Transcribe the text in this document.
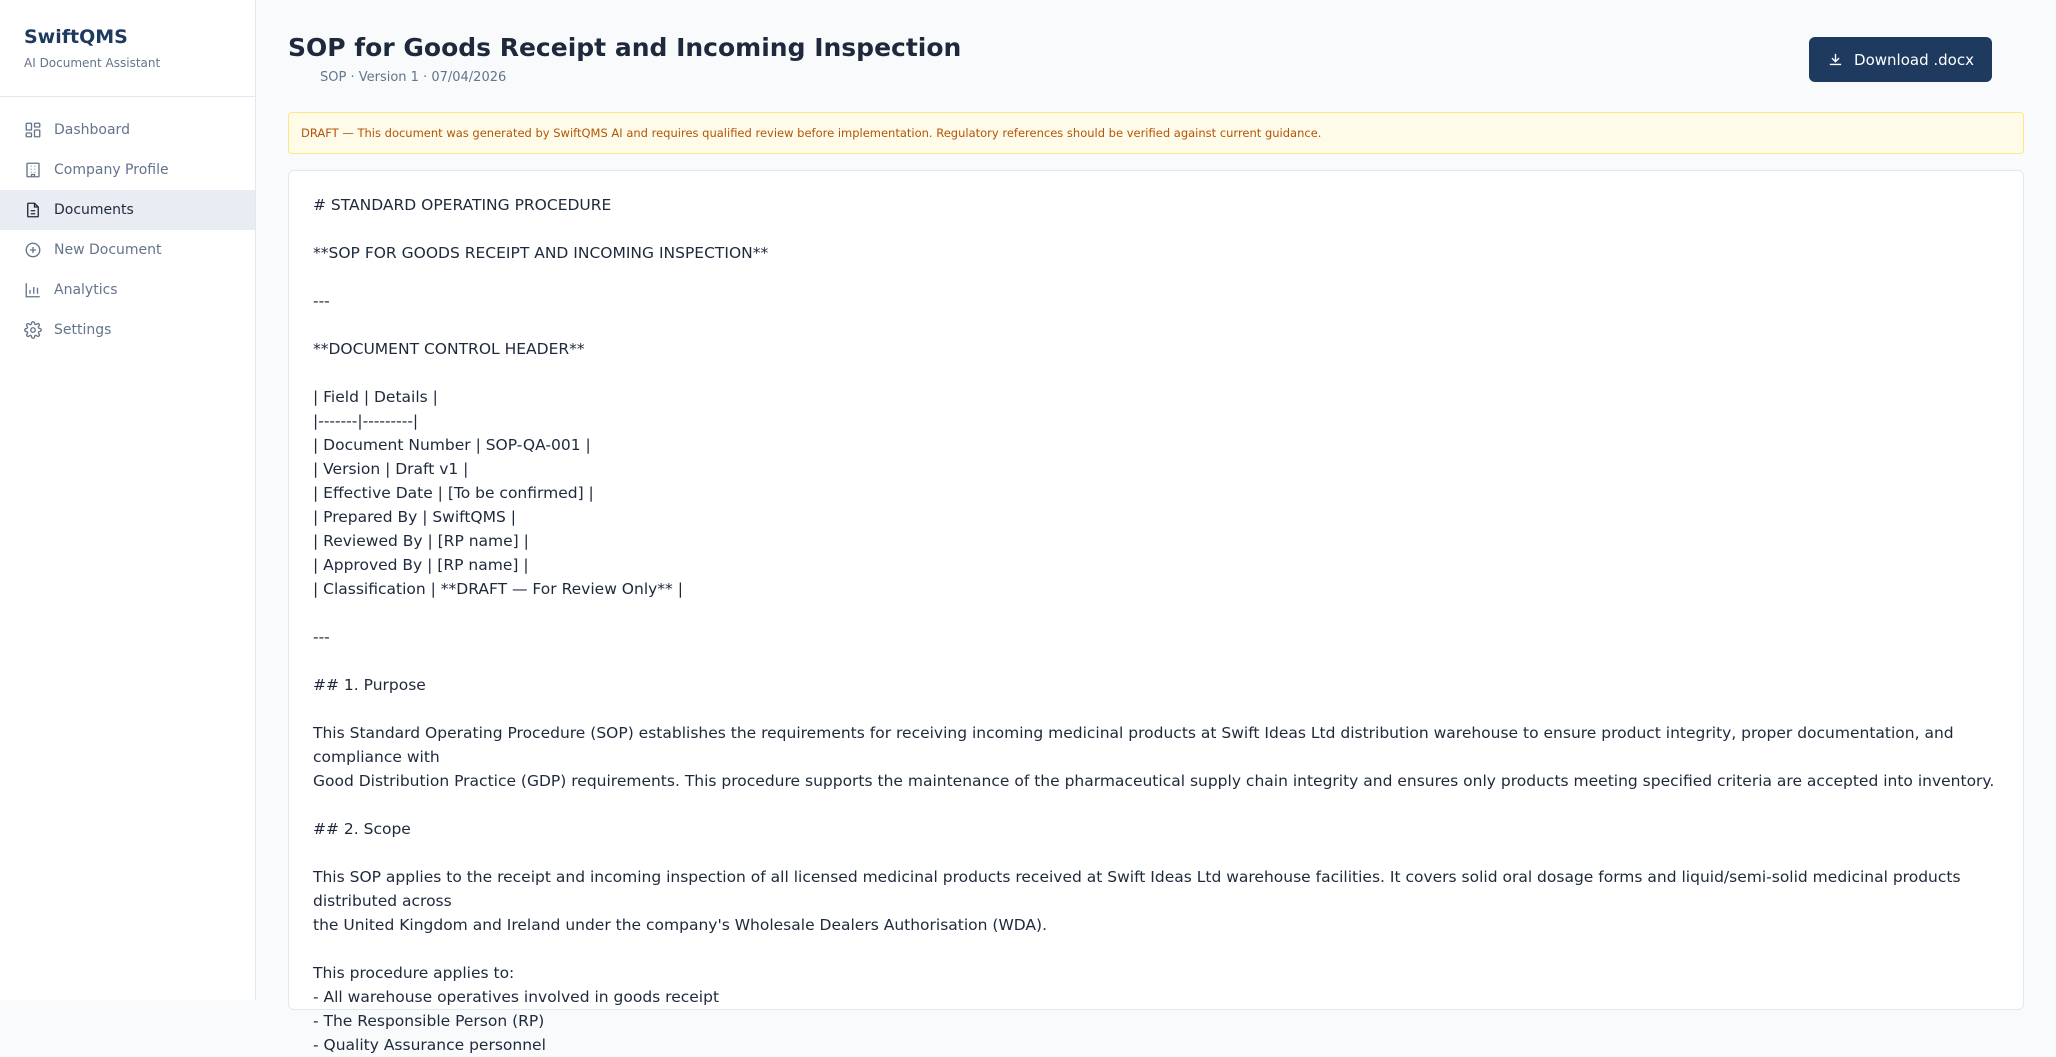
SwiftQMS
AI Document Assistant
Dashboard
Company Profile
Documents
New Document
Analytics
Settings
SOP for Goods Receipt and Incoming Inspection
SOP · Version 1 · 07/04/2026
Download .docx
DRAFT — This document was generated by SwiftQMS AI and requires qualified review before implementation. Regulatory references should be verified against current guidance.
# STANDARD OPERATING PROCEDURE
**SOP FOR GOODS RECEIPT AND INCOMING INSPECTION**
---
**DOCUMENT CONTROL HEADER**
| Field | Details |
|-------|---------|
| Document Number | SOP-QA-001 |
| Version | Draft v1 |
| Effective Date | [To be confirmed] |
| Prepared By | SwiftQMS |
| Reviewed By | [RP name] |
| Approved By | [RP name] |
| Classification | **DRAFT — For Review Only** |
---
## 1. Purpose
This Standard Operating Procedure (SOP) establishes the requirements for receiving incoming medicinal products at Swift Ideas Ltd distribution warehouse to ensure product integrity, proper documentation, and compliance with
Good Distribution Practice (GDP) requirements. This procedure supports the maintenance of the pharmaceutical supply chain integrity and ensures only products meeting specified criteria are accepted into inventory.
## 2. Scope
This SOP applies to the receipt and incoming inspection of all licensed medicinal products received at Swift Ideas Ltd warehouse facilities. It covers solid oral dosage forms and liquid/semi-solid medicinal products distributed across
the United Kingdom and Ireland under the company's Wholesale Dealers Authorisation (WDA).
This procedure applies to:
- All warehouse operatives involved in goods receipt
- The Responsible Person (RP)
- Quality Assurance personnel
